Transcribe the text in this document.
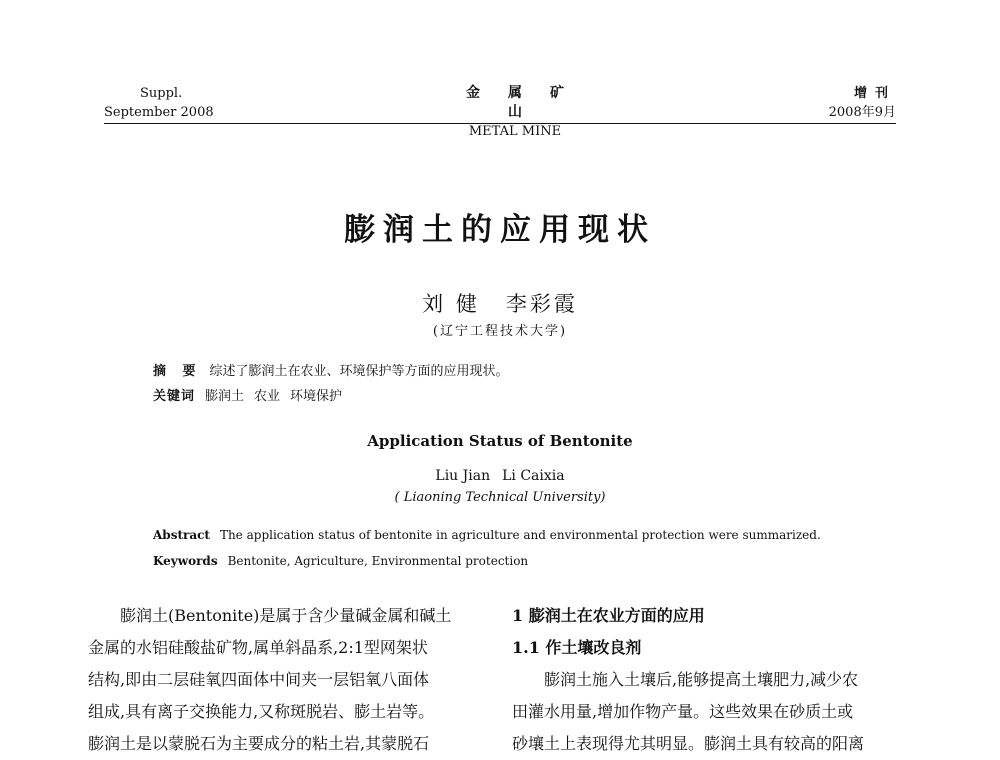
Suppl.
September 2008
金属矿山
METAL MINE
增刊
2008年9月
膨润土的应用现状
刘 健 李彩霞
(辽宁工程技术大学)
摘 要 综述了膨润土在农业、环境保护等方面的应用现状。
关键词 膨润土 农业 环境保护
Application Status of Bentonite
Liu Jian Li Caixia
( Liaoning Technical University)
Abstract The application status of bentonite in agriculture and environmental protection were summarized.
Keywords Bentonite, Agriculture, Environmental protection
膨润土(Bentonite)是属于含少量碱金属和碱土
金属的水铝硅酸盐矿物,属单斜晶系,2:1型网架状
结构,即由二层硅氧四面体中间夹一层铝氧八面体
组成,具有离子交换能力,又称斑脱岩、膨土岩等。
膨润土是以蒙脱石为主要成分的粘土岩,其蒙脱石
1 膨润土在农业方面的应用
1.1 作土壤改良剂
膨润土施入土壤后,能够提高土壤肥力,减少农
田灌水用量,增加作物产量。这些效果在砂质土或
砂壤土上表现得尤其明显。膨润土具有较高的阳离
